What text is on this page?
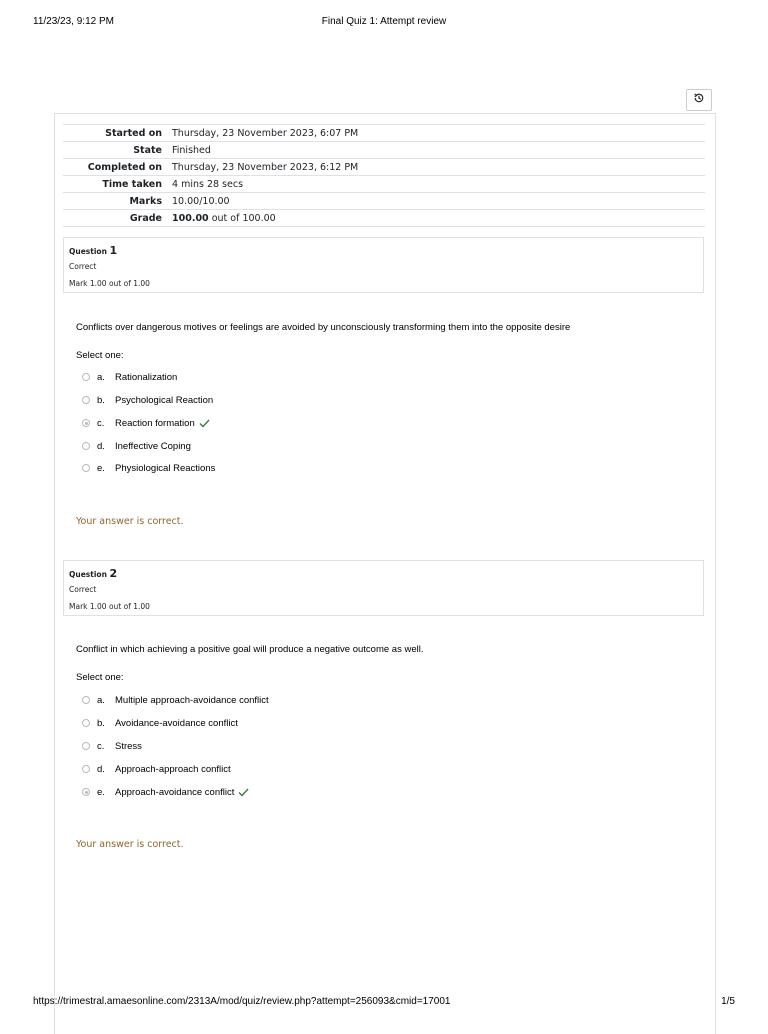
11/23/23, 9:12 PM	Final Quiz 1: Attempt review
Started on	Thursday, 23 November 2023, 6:07 PM
State	Finished
Completed on	Thursday, 23 November 2023, 6:12 PM
Time taken	4 mins 28 secs
Marks	10.00/10.00
Grade	100.00 out of 100.00
Question 1
Correct
Mark 1.00 out of 1.00
Conflicts over dangerous motives or feelings are avoided by unconsciously transforming them into the opposite desire
Select one:
a.	Rationalization
b.	Psychological Reaction
c.	Reaction formation
d.	Ineffective Coping
e.	Physiological Reactions
Your answer is correct.
Question 2
Correct
Mark 1.00 out of 1.00
Conflict in which achieving a positive goal will produce a negative outcome as well.
Select one:
a.	Multiple approach-avoidance conflict
b.	Avoidance-avoidance conflict
c.	Stress
d.	Approach-approach conflict
e.	Approach-avoidance conflict
Your answer is correct.
https://trimestral.amaesonline.com/2313A/mod/quiz/review.php?attempt=256093&cmid=17001	1/5
